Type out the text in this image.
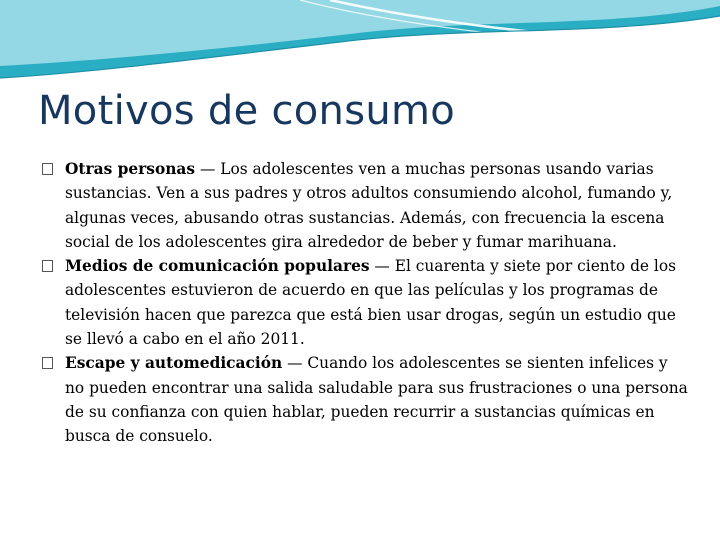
Motivos de consumo
Otras personas — Los adolescentes ven a muchas personas usando varias sustancias. Ven a sus padres y otros adultos consumiendo alcohol, fumando y, algunas veces, abusando otras sustancias. Además, con frecuencia la escena social de los adolescentes gira alrededor de beber y fumar marihuana.
Medios de comunicación populares — El cuarenta y siete por ciento de los adolescentes estuvieron de acuerdo en que las películas y los programas de televisión hacen que parezca que está bien usar drogas, según un estudio que se llevó a cabo en el año 2011.
Escape y automedicación — Cuando los adolescentes se sienten infelices y no pueden encontrar una salida saludable para sus frustraciones o una persona de su confianza con quien hablar, pueden recurrir a sustancias químicas en busca de consuelo.
